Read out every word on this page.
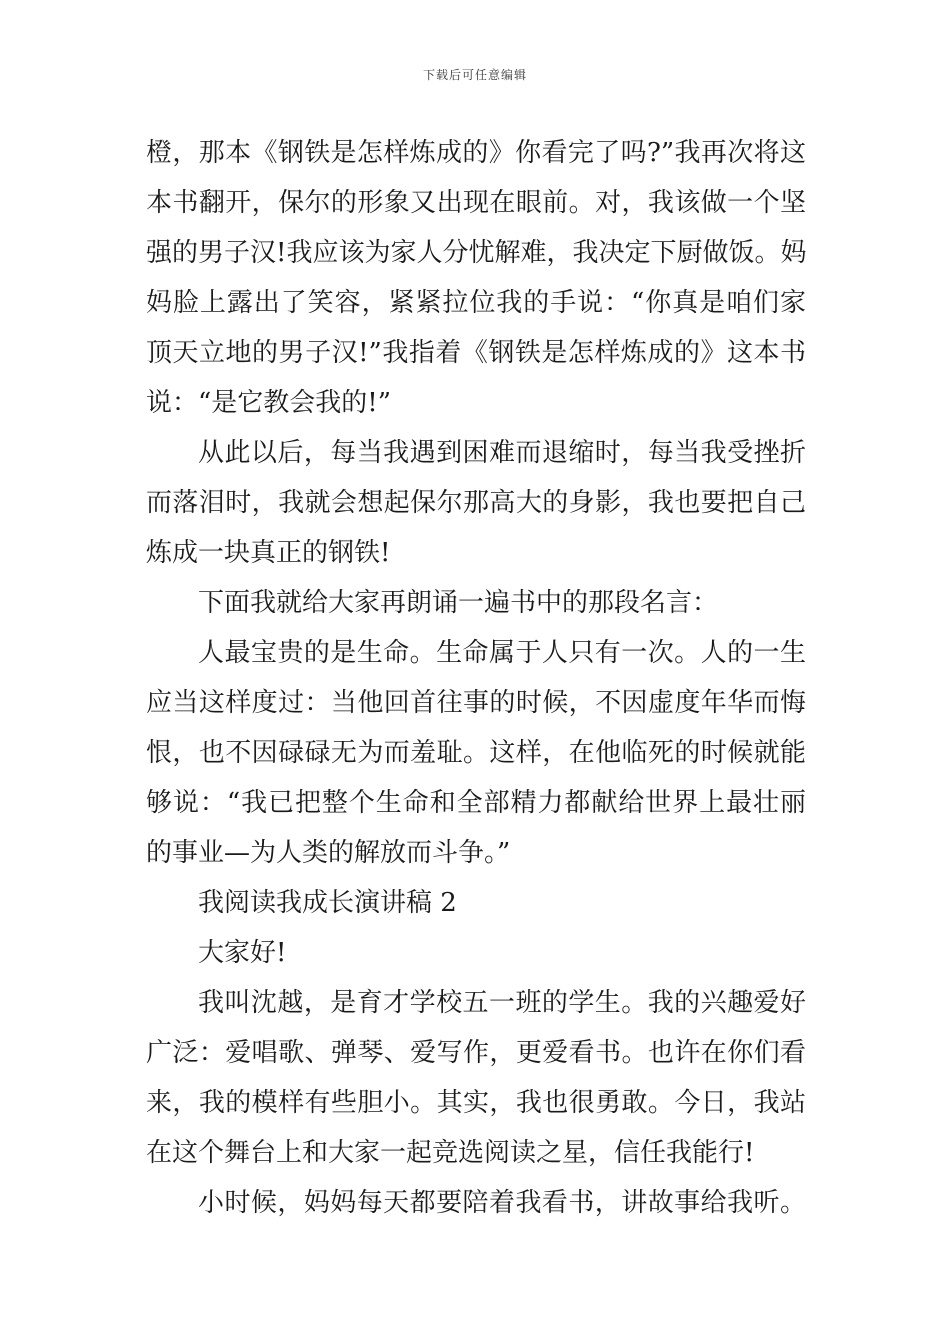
下载后可任意编辑
橙，那本《钢铁是怎样炼成的》你看完了吗?”我再次将这
本书翻开，保尔的形象又出现在眼前。对，我该做一个坚
强的男子汉!我应该为家人分忧解难，我决定下厨做饭。妈
妈脸上露出了笑容，紧紧拉位我的手说：“你真是咱们家
顶天立地的男子汉!”我指着《钢铁是怎样炼成的》这本书
说：“是它教会我的!”
从此以后，每当我遇到困难而退缩时，每当我受挫折
而落泪时，我就会想起保尔那高大的身影，我也要把自己
炼成一块真正的钢铁!
下面我就给大家再朗诵一遍书中的那段名言：
人最宝贵的是生命。生命属于人只有一次。人的一生
应当这样度过：当他回首往事的时候，不因虚度年华而悔
恨，也不因碌碌无为而羞耻。这样，在他临死的时候就能
够说：“我已把整个生命和全部精力都献给世界上最壮丽
的事业—为人类的解放而斗争。”
我阅读我成长演讲稿 2
大家好!
我叫沈越，是育才学校五一班的学生。我的兴趣爱好
广泛：爱唱歌、弹琴、爱写作，更爱看书。也许在你们看
来，我的模样有些胆小。其实，我也很勇敢。今日，我站
在这个舞台上和大家一起竞选阅读之星，信任我能行!
小时候，妈妈每天都要陪着我看书，讲故事给我听。
